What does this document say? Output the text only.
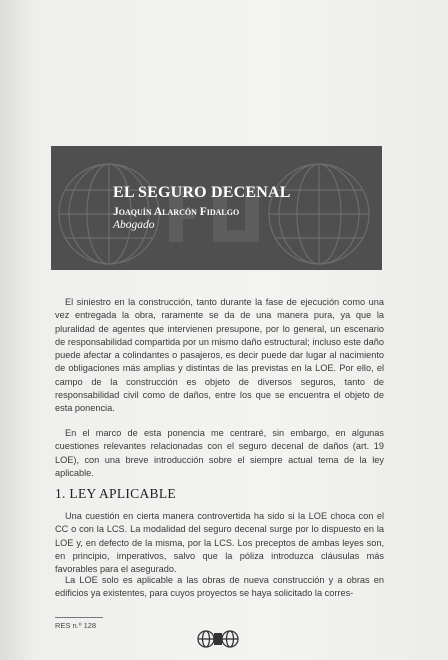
EL SEGURO DECENAL
Joaquín Alarcón Fidalgo
Abogado

El siniestro en la construcción, tanto durante la fase de ejecución como una vez entregada la obra, raramente se da de una manera pura, ya que la pluralidad de agentes que intervienen presupone, por lo general, un escenario de responsabilidad compartida por un mismo daño estructural; incluso este daño puede afectar a colindantes o pasajeros, es decir puede dar lugar al nacimiento de obligaciones más amplias y distintas de las previstas en la LOE. Por ello, el campo de la construcción es objeto de diversos seguros, tanto de responsabilidad civil como de daños, entre los que se encuentra el objeto de esta ponencia.

En el marco de esta ponencia me centraré, sin embargo, en algunas cuestiones relevantes relacionadas con el seguro decenal de daños (art. 19 LOE), con una breve introducción sobre el siempre actual tema de la ley aplicable.

1. LEY APLICABLE

Una cuestión en cierta manera controvertida ha sido si la LOE choca con el CC o con la LCS. La modalidad del seguro decenal surge por lo dispuesto en la LOE y, en defecto de la misma, por la LCS. Los preceptos de ambas leyes son, en principio, imperativos, salvo que la póliza introduzca cláusulas más favorables para el asegurado.

La LOE solo es aplicable a las obras de nueva construcción y a obras en edificios ya existentes, para cuyos proyectos se haya solicitado la corres-

RES n.º 128
